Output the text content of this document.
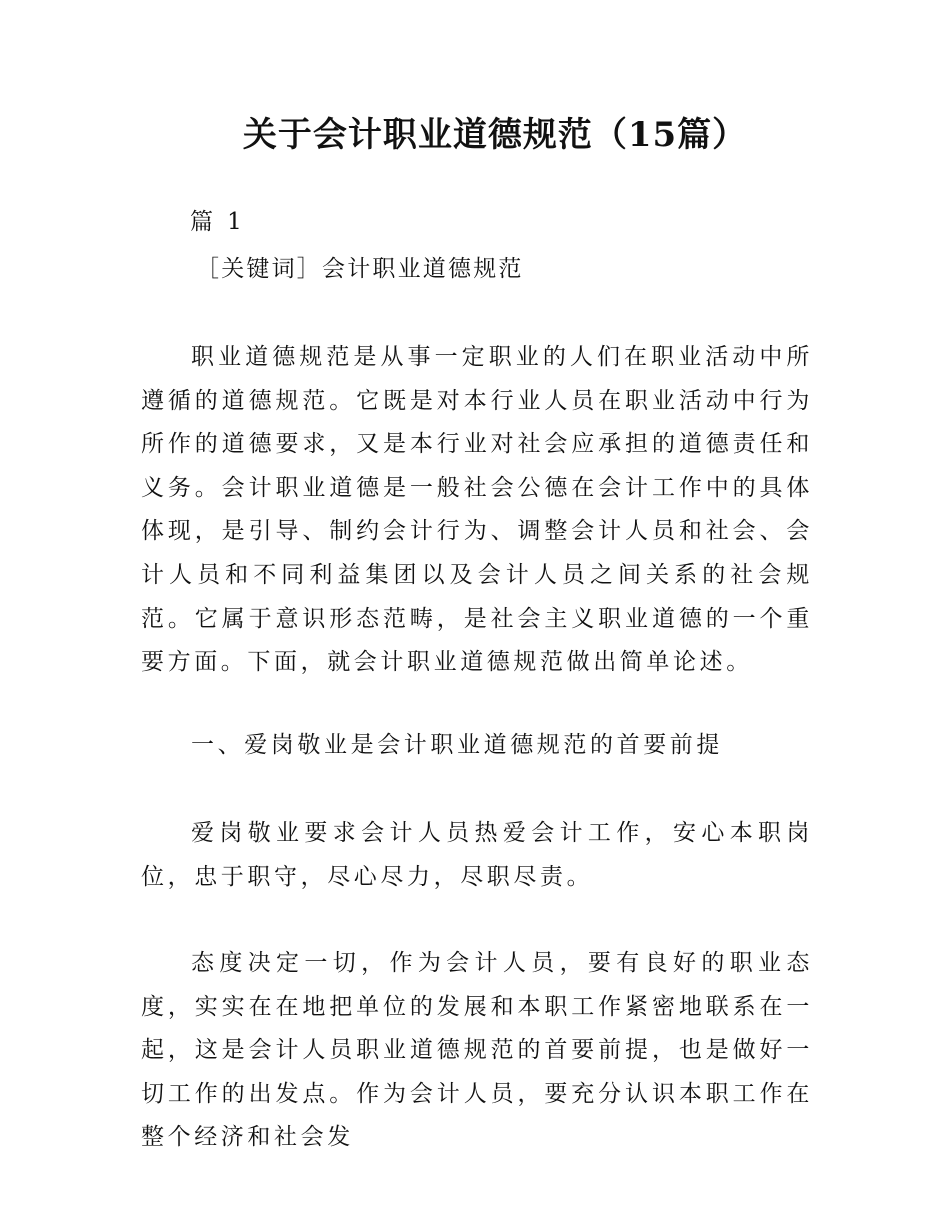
关于会计职业道德规范（15篇）
篇 1
［关键词］会计职业道德规范

职业道德规范是从事一定职业的人们在职业活动中所遵循的道德规范。它既是对本行业人员在职业活动中行为所作的道德要求，又是本行业对社会应承担的道德责任和义务。会计职业道德是一般社会公德在会计工作中的具体体现，是引导、制约会计行为、调整会计人员和社会、会计人员和不同利益集团以及会计人员之间关系的社会规范。它属于意识形态范畴，是社会主义职业道德的一个重要方面。下面，就会计职业道德规范做出简单论述。

一、爱岗敬业是会计职业道德规范的首要前提

爱岗敬业要求会计人员热爱会计工作，安心本职岗位，忠于职守，尽心尽力，尽职尽责。

态度决定一切，作为会计人员，要有良好的职业态度，实实在在地把单位的发展和本职工作紧密地联系在一起，这是会计人员职业道德规范的首要前提，也是做好一切工作的出发点。作为会计人员，要充分认识本职工作在整个经济和社会发
